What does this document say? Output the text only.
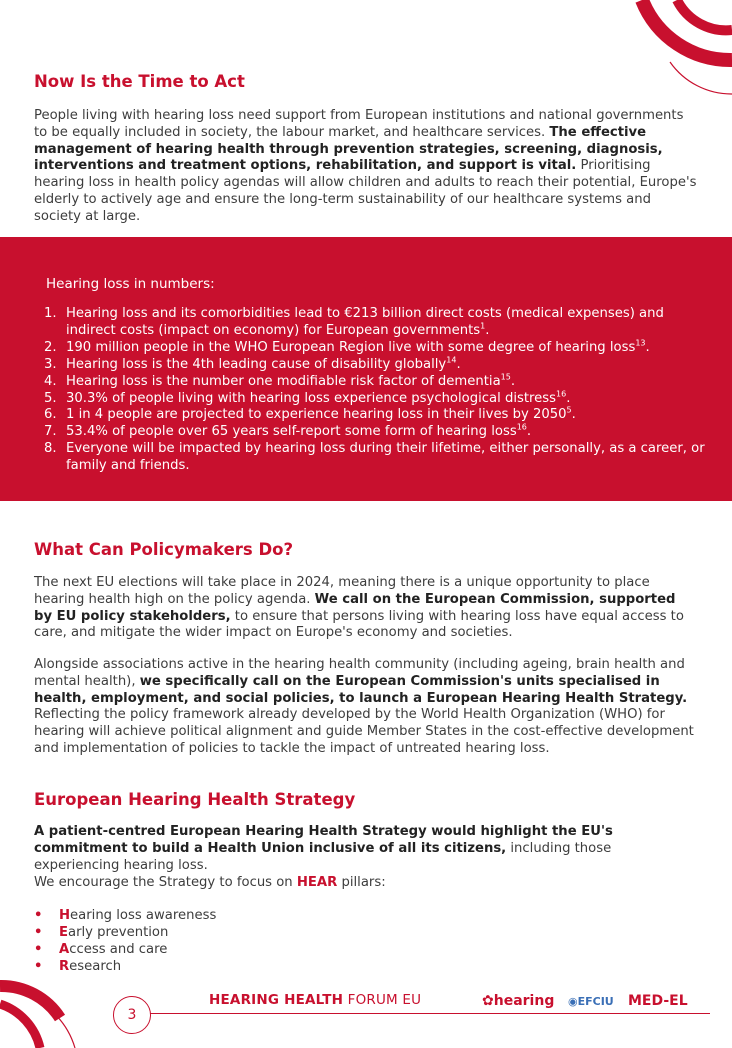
Now Is the Time to Act

People living with hearing loss need support from European institutions and national governments to be equally included in society, the labour market, and healthcare services. The effective management of hearing health through prevention strategies, screening, diagnosis, interventions and treatment options, rehabilitation, and support is vital. Prioritising hearing loss in health policy agendas will allow children and adults to reach their potential, Europe's elderly to actively age and ensure the long-term sustainability of our healthcare systems and society at large.

Hearing loss in numbers:

1. Hearing loss and its comorbidities lead to €213 billion direct costs (medical expenses) and indirect costs (impact on economy) for European governments$^1$.
2. 190 million people in the WHO European Region live with some degree of hearing loss$^{13}$.
3. Hearing loss is the 4th leading cause of disability globally$^{14}$.
4. Hearing loss is the number one modifiable risk factor of dementia$^{15}$.
5. 30.3% of people living with hearing loss experience psychological distress$^{16}$.
6. 1 in 4 people are projected to experience hearing loss in their lives by 2050$^5$.
7. 53.4% of people over 65 years self-report some form of hearing loss$^{16}$.
8. Everyone will be impacted by hearing loss during their lifetime, either personally, as a career, or family and friends.
What Can Policymakers Do?

The next EU elections will take place in 2024, meaning there is a unique opportunity to place hearing health high on the policy agenda. We call on the European Commission, supported by EU policy stakeholders, to ensure that persons living with hearing loss have equal access to care, and mitigate the wider impact on Europe's economy and societies.

Alongside associations active in the hearing health community (including ageing, brain health and mental health), we specifically call on the European Commission's units specialised in health, employment, and social policies, to launch a European Hearing Health Strategy. Reflecting the policy framework already developed by the World Health Organization (WHO) for hearing will achieve political alignment and guide Member States in the cost-effective development and implementation of policies to tackle the impact of untreated hearing loss.

European Hearing Health Strategy

A patient-centred European Hearing Health Strategy would highlight the EU's commitment to build a Health Union inclusive of all its citizens, including those experiencing hearing loss.

We encourage the Strategy to focus on HEAR pillars:

• Hearing loss awareness
• Early prevention
• Access and care
• Research
3
HEARING HEALTH FORUM EU	✿hearing ◉EFCIU MED-EL
